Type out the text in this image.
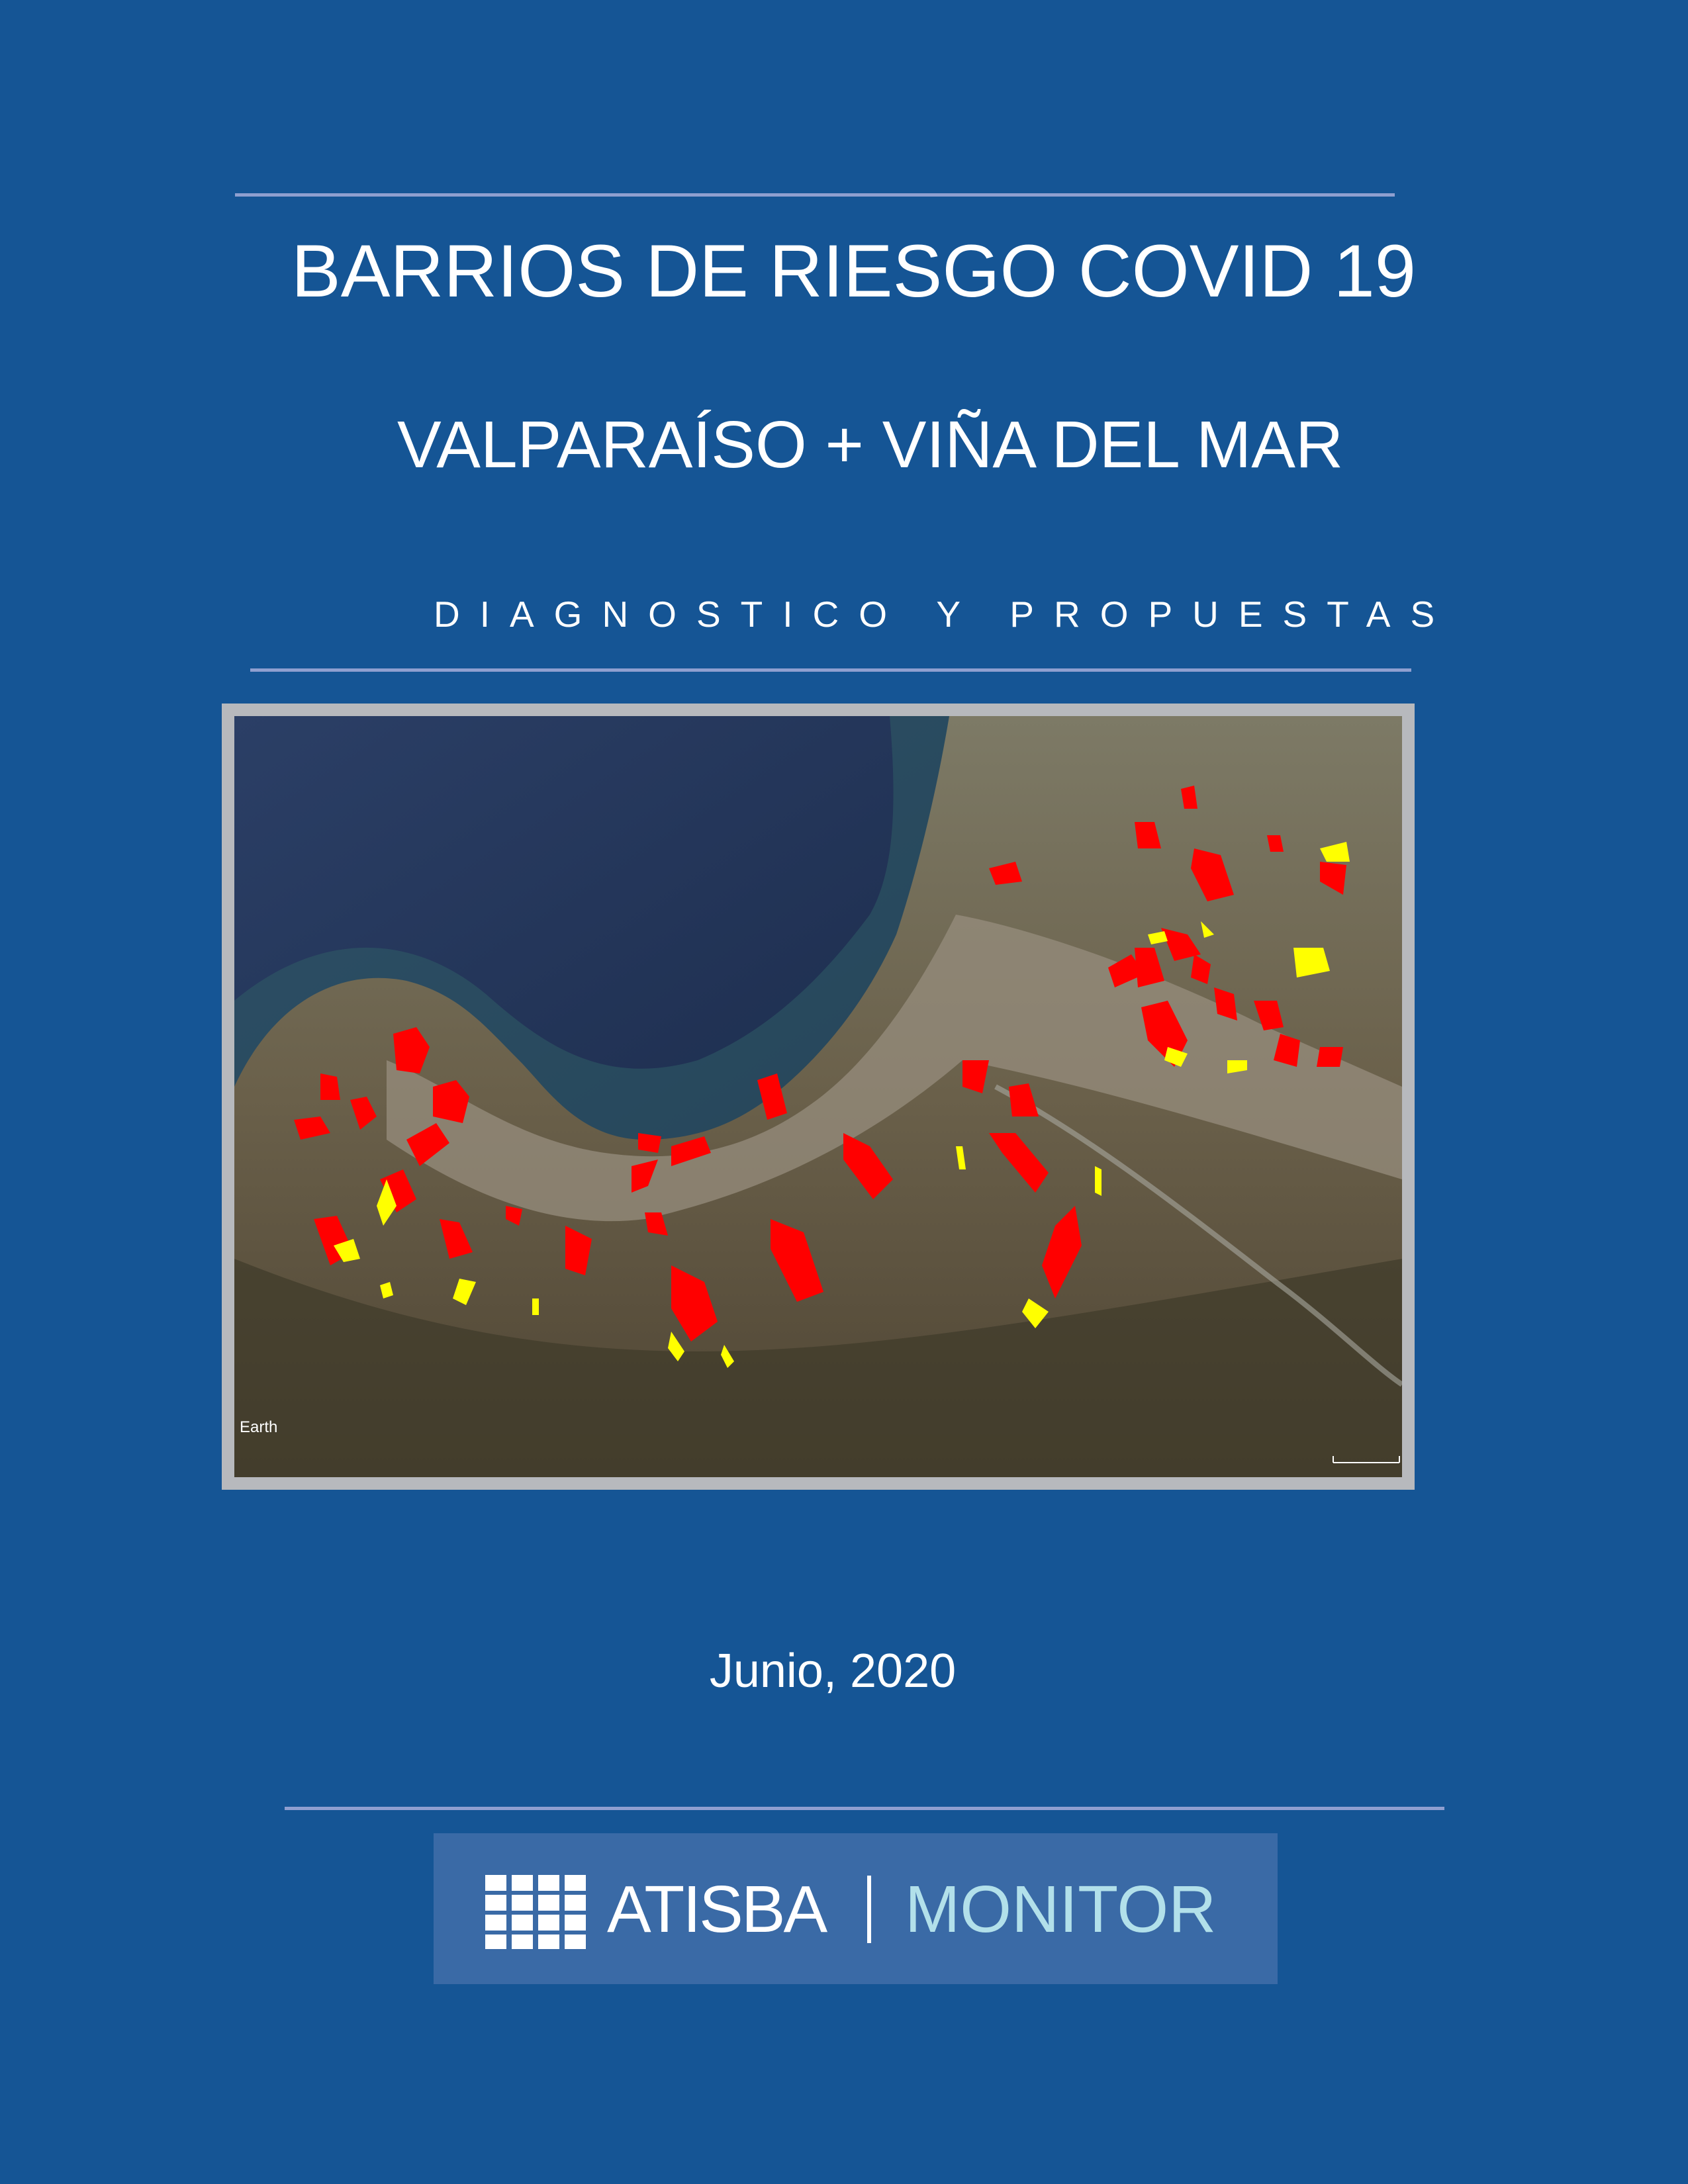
BARRIOS DE RIESGO COVID 19
VALPARAÍSO + VIÑA DEL MAR
DIAGNOSTICO Y PROPUESTAS
Earth
Junio, 2020
ATISBA MONITOR
